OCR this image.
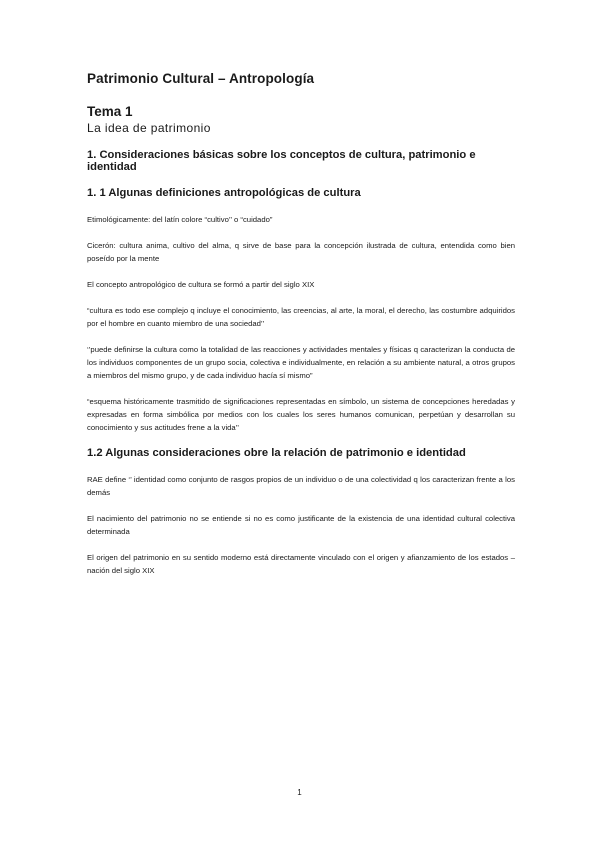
Patrimonio Cultural – Antropología
Tema 1
La idea de patrimonio
1. Consideraciones básicas sobre los conceptos de cultura, patrimonio e identidad
1. 1 Algunas definiciones antropológicas de cultura

Etimológicamente: del latín colore “cultivo’’ o “cuidado”

Cicerón: cultura anima, cultivo del alma, q sirve de base para la concepción ilustrada de cultura, entendida como bien poseído por la mente

El concepto antropológico de cultura se formó a partir del siglo XIX

“cultura es todo ese complejo q incluye el conocimiento, las creencias, al arte, la moral, el derecho, las costumbre adquiridos por el hombre en cuanto miembro de una sociedad’’

‘’puede definirse la cultura como la totalidad de las reacciones y actividades mentales y físicas q caracterizan la conducta de los individuos componentes de un grupo socia, colectiva e individualmente, en relación a su ambiente natural, a otros grupos a miembros del mismo grupo, y de cada individuo hacía sí mismo”

“esquema históricamente trasmitido de significaciones representadas en símbolo, un sistema de concepciones heredadas y expresadas en forma simbólica por medios con los cuales los seres humanos comunican, perpetúan y desarrollan su conocimiento y sus actitudes frene a la vida’’

1.2 Algunas consideraciones obre la relación de patrimonio e identidad

RAE define ‘’ identidad como conjunto de rasgos propios de un individuo o de una colectividad q los caracterizan frente a los demás

El nacimiento del patrimonio no se entiende si no es como justificante de la existencia de una identidad cultural colectiva determinada

El origen del patrimonio en su sentido moderno está directamente vinculado con el origen y afianzamiento de los estados – nación del siglo XIX

1
